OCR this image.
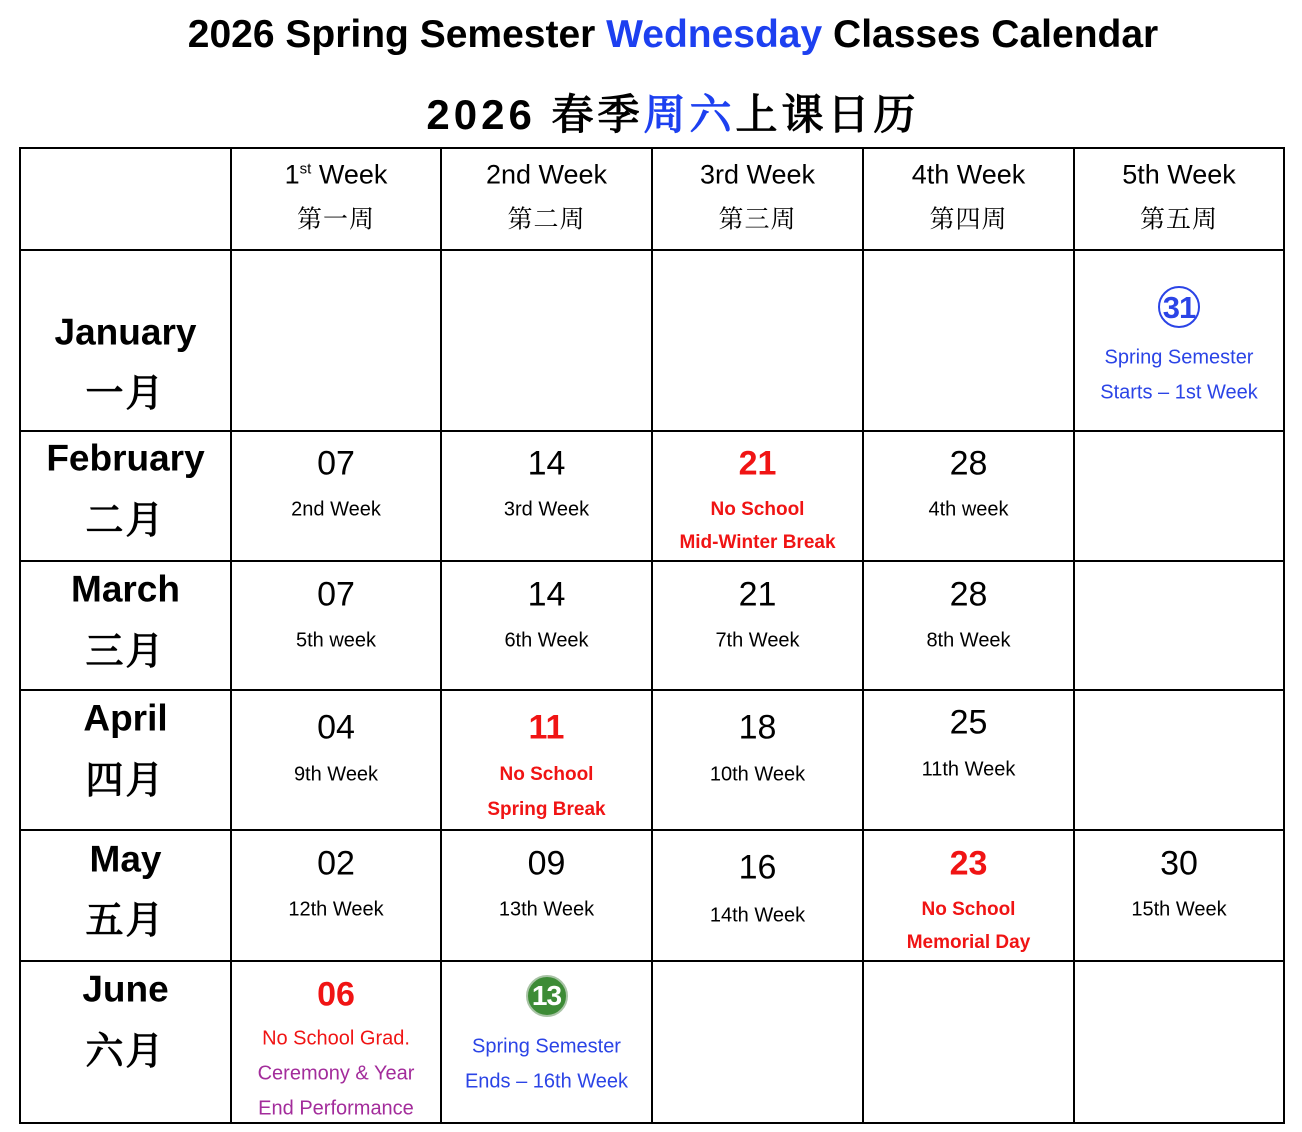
2026 Spring Semester Wednesday Classes Calendar
2026 春季周六上课日历
1st Week
第一周
2nd Week
第二周
3rd Week
第三周
4th Week
第四周
5th Week
第五周
January
一月
31
Spring Semester
Starts – 1st Week
February
二月
07
2nd Week
14
3rd Week
21
No School
Mid-Winter Break
28
4th week
March
三月
07
5th week
14
6th Week
21
7th Week
28
8th Week
April
四月
04
9th Week
11
No School
Spring Break
18
10th Week
25
11th Week
May
五月
02
12th Week
09
13th Week
16
14th Week
23
No School
Memorial Day
30
15th Week
June
六月
06
No School Grad.
Ceremony & Year
End Performance
13
Spring Semester
Ends – 16th Week
